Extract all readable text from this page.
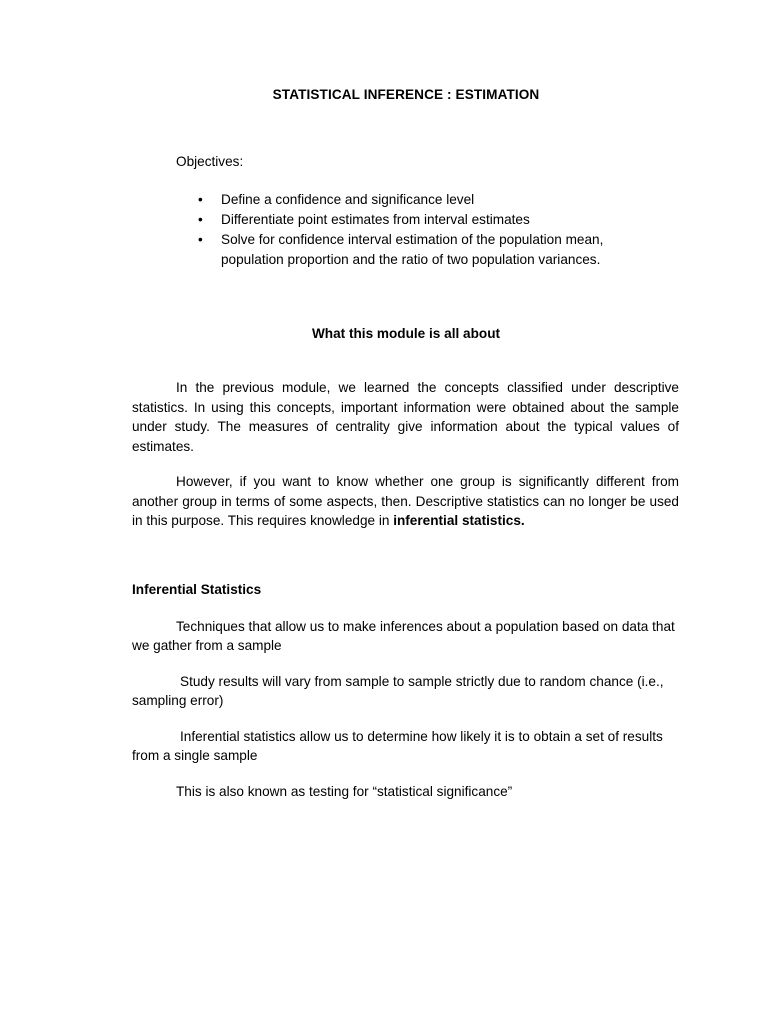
STATISTICAL INFERENCE : ESTIMATION
Objectives:
• Define a confidence and significance level
• Differentiate point estimates from interval estimates
• Solve for confidence interval estimation of the population mean, population proportion and the ratio of two population variances.
What this module is all about

In the previous module, we learned the concepts classified under descriptive statistics. In using this concepts, important information were obtained about the sample under study. The measures of centrality give information about the typical values of estimates.

However, if you want to know whether one group is significantly different from another group in terms of some aspects, then. Descriptive statistics can no longer be used in this purpose. This requires knowledge in inferential statistics.

Inferential Statistics

Techniques that allow us to make inferences about a population based on data that we gather from a sample

Study results will vary from sample to sample strictly due to random chance (i.e., sampling error)

Inferential statistics allow us to determine how likely it is to obtain a set of results from a single sample

This is also known as testing for “statistical significance”
